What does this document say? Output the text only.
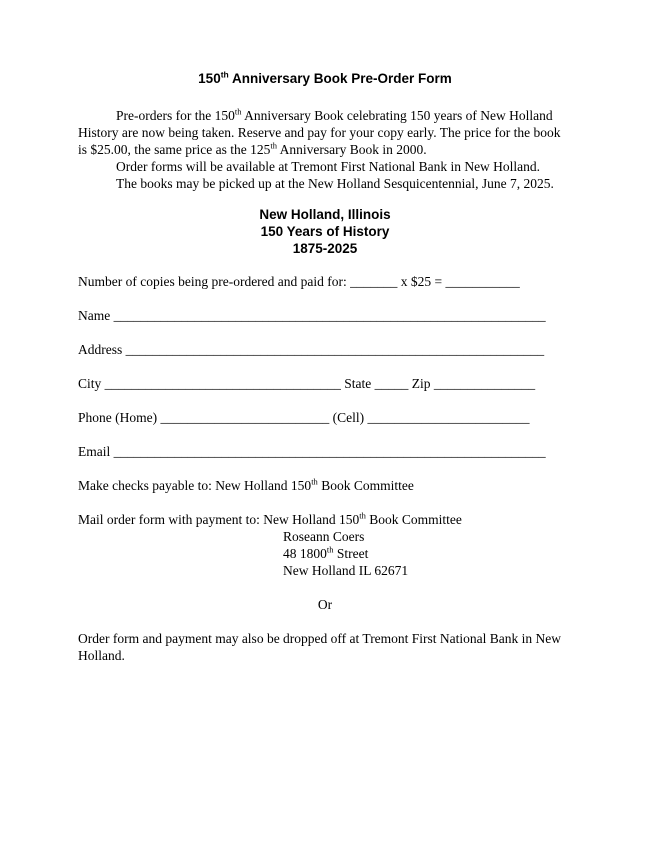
150th Anniversary Book Pre-Order Form

Pre-orders for the 150th Anniversary Book celebrating 150 years of New Holland History are now being taken. Reserve and pay for your copy early. The price for the book is $25.00, the same price as the 125th Anniversary Book in 2000.

Order forms will be available at Tremont First National Bank in New Holland.

The books may be picked up at the New Holland Sesquicentennial, June 7, 2025.

New Holland, Illinois
150 Years of History
1875-2025
Number of copies being pre-ordered and paid for: _______ x $25 = ___________
Name ________________________________________________________________
Address ______________________________________________________________
City ___________________________________ State _____ Zip _______________
Phone (Home) _________________________ (Cell) ________________________
Email ________________________________________________________________
Make checks payable to: New Holland 150th Book Committee
Mail order form with payment to: New Holland 150th Book Committee
Roseann Coers
48 1800th Street
New Holland IL 62671
Or

Order form and payment may also be dropped off at Tremont First National Bank in New Holland.
